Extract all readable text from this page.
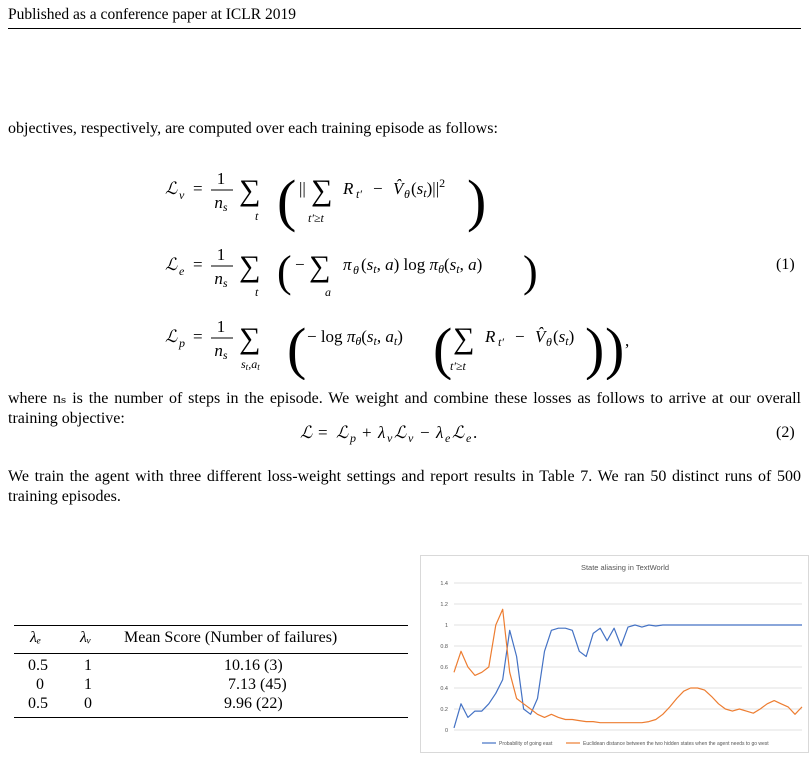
Published as a conference paper at ICLR 2019
objectives, respectively, are computed over each training episode as follows:
ℒ v =
1
ns ∑
t ( || ∑
t′≥t
R t′ − V̂ θ $(st)||^2$ )
ℒ e =
1
ns ∑
t ( − ∑
a
π θ (st, a) log πθ(st, a) )
ℒ p =
1
ns ∑
st,at ( − log πθ(st, at) ( ∑
t′≥t
R t′ − V̂ θ (st) ) ) ,
(1)
where nₛ is the number of steps in the episode. We weight and combine these losses as follows to arrive at our overall training objective:
ℒ = ℒ p + λ v ℒ v − λ e ℒ e .	(2)
We train the agent with three different loss-weight settings and report results in Table 7. We ran 50 distinct runs of 500 training episodes.
λₑ λᵥ Mean Score (Number of failures)
0.5 1	10.16 (3)
0	1	7.13 (45)
0.5 0	9.96 (22)
State aliasing in TextWorld
0
0.2
0.4
0.6
0.8
1
1.2
1.4
Probability of going east	Euclidean distance between the two hidden states when the agent needs to go west
